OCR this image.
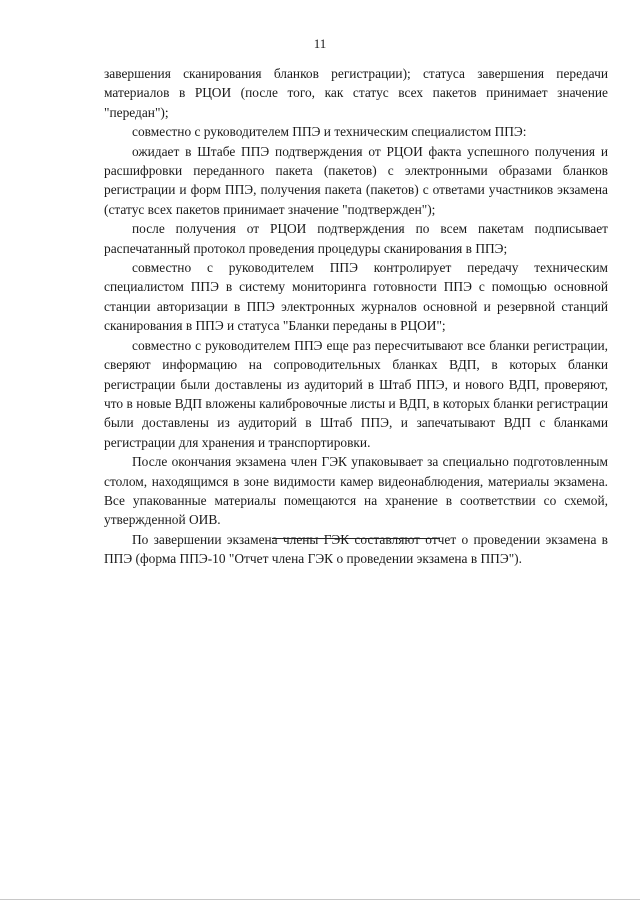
11

завершения сканирования бланков регистрации); статуса завершения передачи материалов в РЦОИ (после того, как статус всех пакетов принимает значение "передан");

совместно с руководителем ППЭ и техническим специалистом ППЭ:

ожидает в Штабе ППЭ подтверждения от РЦОИ факта успешного получения и расшифровки переданного пакета (пакетов) с электронными образами бланков регистрации и форм ППЭ, получения пакета (пакетов) с ответами участников экзамена (статус всех пакетов принимает значение "подтвержден");

после получения от РЦОИ подтверждения по всем пакетам подписывает распечатанный протокол проведения процедуры сканирования в ППЭ;

совместно с руководителем ППЭ контролирует передачу техническим специалистом ППЭ в систему мониторинга готовности ППЭ с помощью основной станции авторизации в ППЭ электронных журналов основной и резервной станций сканирования в ППЭ и статуса "Бланки переданы в РЦОИ";

совместно с руководителем ППЭ еще раз пересчитывают все бланки регистрации, сверяют информацию на сопроводительных бланках ВДП, в которых бланки регистрации были доставлены из аудиторий в Штаб ППЭ, и нового ВДП, проверяют, что в новые ВДП вложены калибровочные листы и ВДП, в которых бланки регистрации были доставлены из аудиторий в Штаб ППЭ, и запечатывают ВДП с бланками регистрации для хранения и транспортировки.

После окончания экзамена член ГЭК упаковывает за специально подготовленным столом, находящимся в зоне видимости камер видеонаблюдения, материалы экзамена. Все упакованные материалы помещаются на хранение в соответствии со схемой, утвержденной ОИВ.

По завершении экзамена члены ГЭК составляют отчет о проведении экзамена в ППЭ (форма ППЭ-10 "Отчет члена ГЭК о проведении экзамена в ППЭ").
